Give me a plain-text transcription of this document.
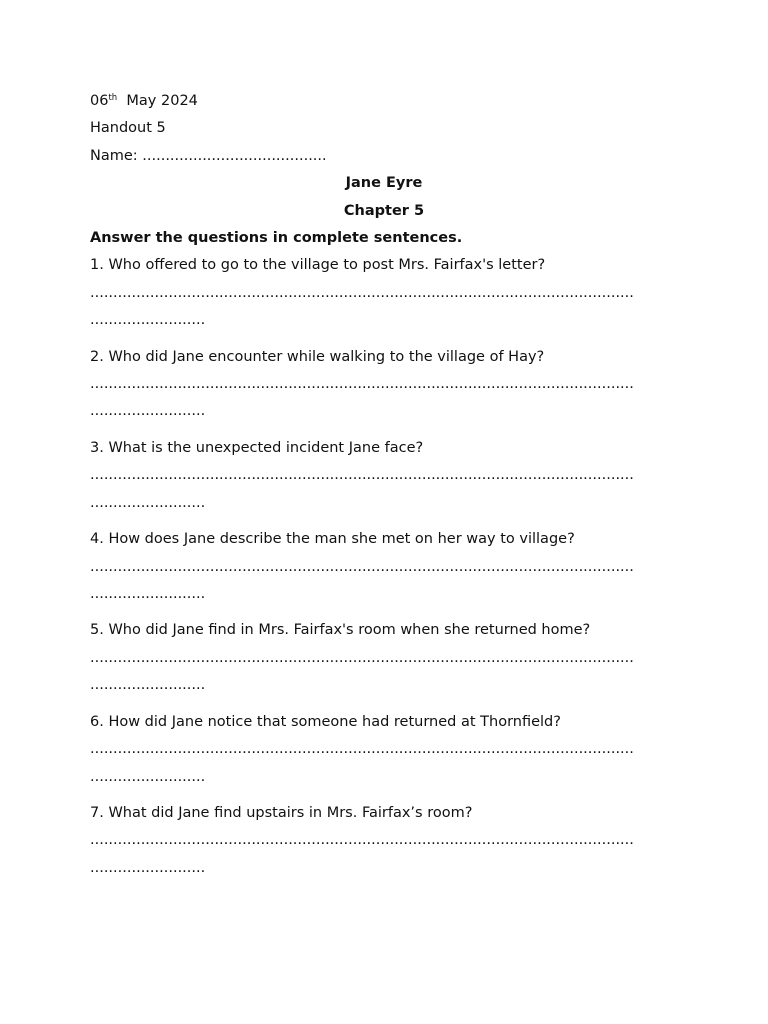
06th  May 2024
Handout 5
Name: ........................................
Jane Eyre
Chapter 5
Answer the questions in complete sentences.
1. Who offered to go to the village to post Mrs. Fairfax's letter?
......................................................................................................................
.........................
2. Who did Jane encounter while walking to the village of Hay?
......................................................................................................................
.........................
3. What is the unexpected incident Jane face?
......................................................................................................................
.........................
4. How does Jane describe the man she met on her way to village?
......................................................................................................................
.........................
5. Who did Jane find in Mrs. Fairfax's room when she returned home?
......................................................................................................................
.........................
6. How did Jane notice that someone had returned at Thornfield?
......................................................................................................................
.........................
7. What did Jane find upstairs in Mrs. Fairfax’s room?
......................................................................................................................
.........................
